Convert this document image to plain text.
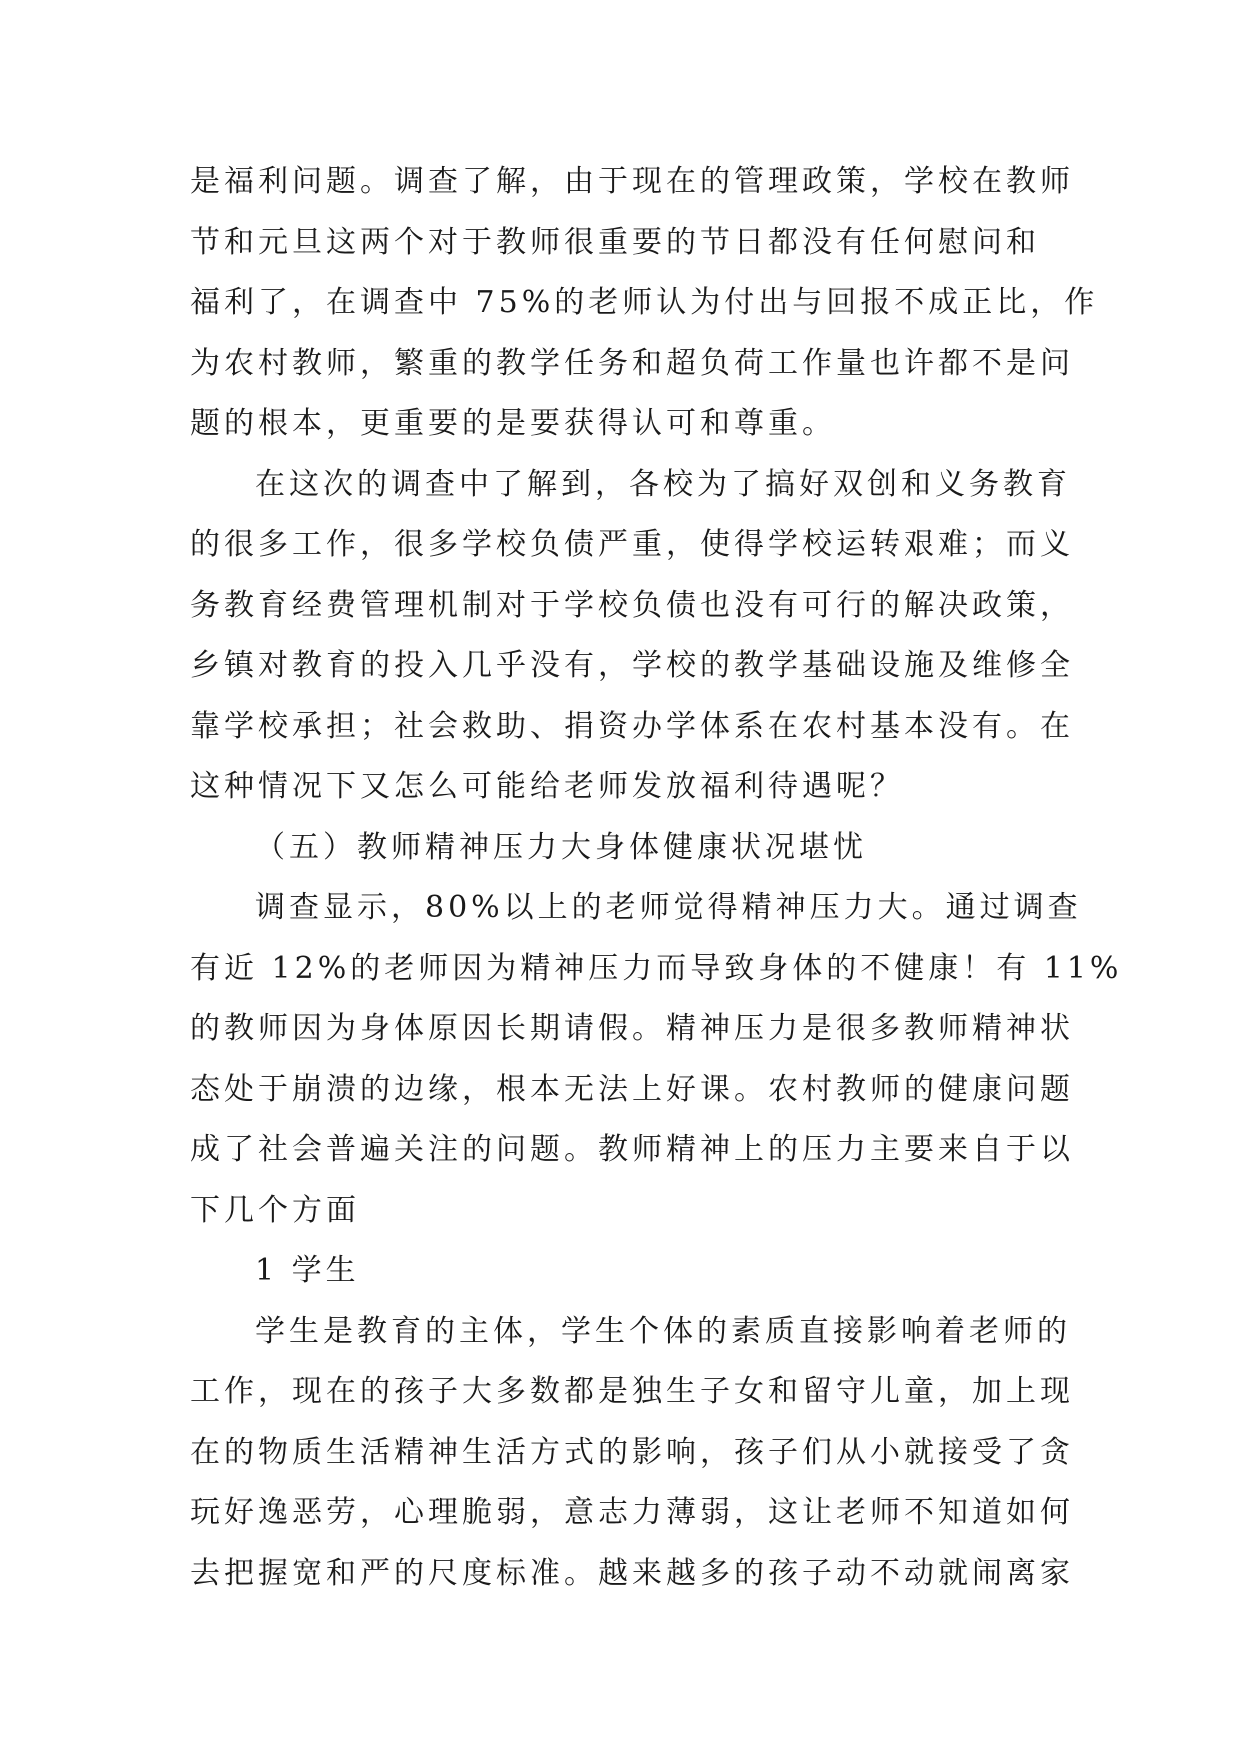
是福利问题。调查了解，由于现在的管理政策，学校在教师
节和元旦这两个对于教师很重要的节日都没有任何慰问和
福利了，在调查中 75%的老师认为付出与回报不成正比，作
为农村教师，繁重的教学任务和超负荷工作量也许都不是问
题的根本，更重要的是要获得认可和尊重。
在这次的调查中了解到，各校为了搞好双创和义务教育
的很多工作，很多学校负债严重，使得学校运转艰难；而义
务教育经费管理机制对于学校负债也没有可行的解决政策，
乡镇对教育的投入几乎没有，学校的教学基础设施及维修全
靠学校承担；社会救助、捐资办学体系在农村基本没有。在
这种情况下又怎么可能给老师发放福利待遇呢？
（五）教师精神压力大身体健康状况堪忧
调查显示，80%以上的老师觉得精神压力大。通过调查
有近 12%的老师因为精神压力而导致身体的不健康！有 11%
的教师因为身体原因长期请假。精神压力是很多教师精神状
态处于崩溃的边缘，根本无法上好课。农村教师的健康问题
成了社会普遍关注的问题。教师精神上的压力主要来自于以
下几个方面
1 学生
学生是教育的主体，学生个体的素质直接影响着老师的
工作，现在的孩子大多数都是独生子女和留守儿童，加上现
在的物质生活精神生活方式的影响，孩子们从小就接受了贪
玩好逸恶劳，心理脆弱，意志力薄弱，这让老师不知道如何
去把握宽和严的尺度标准。越来越多的孩子动不动就闹离家
